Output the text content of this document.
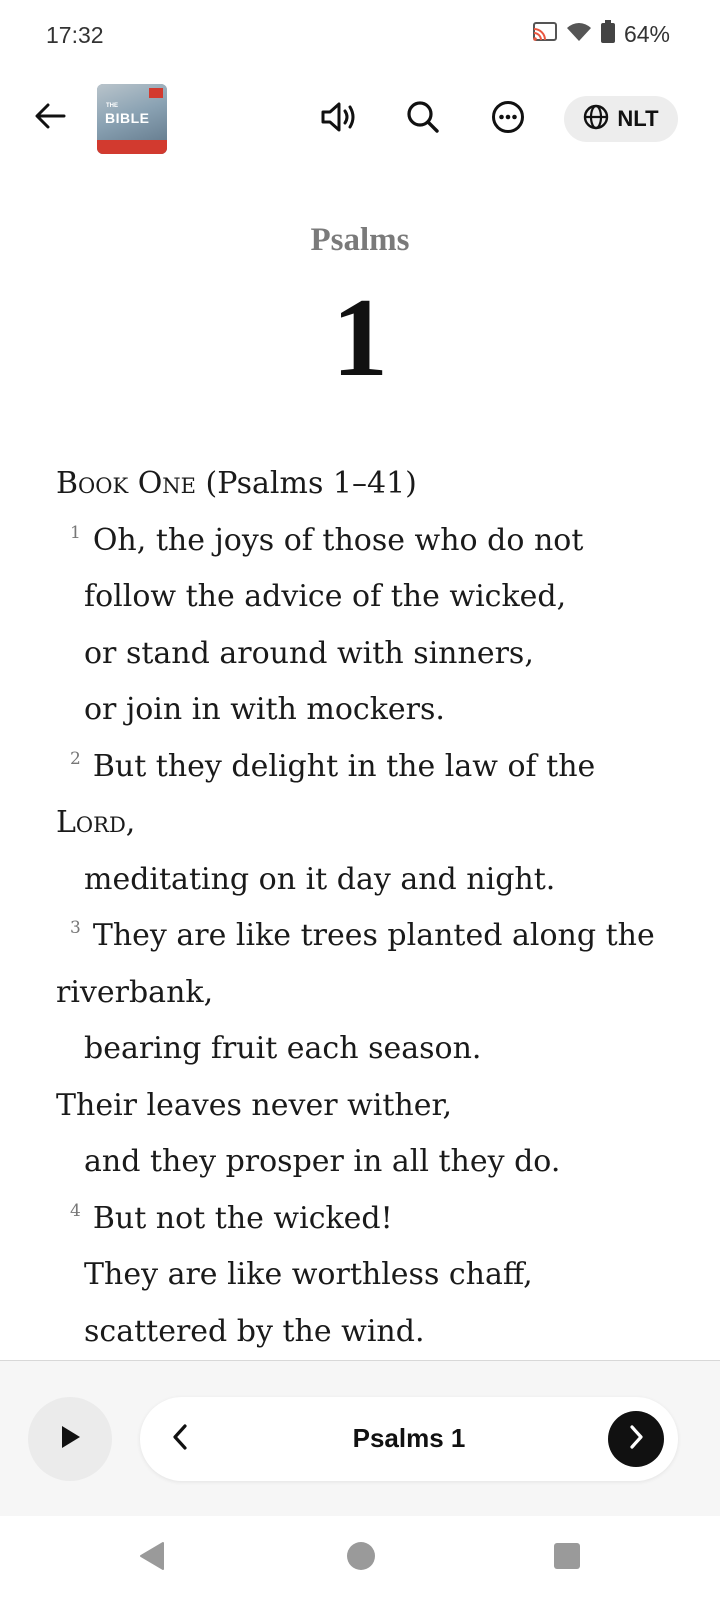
17:32	64%
THE
BIBLE	NLT
Psalms
1
Book One (Psalms 1–41)
$^1$ Oh, the joys of those who do not
follow the advice of the wicked,
or stand around with sinners,
or join in with mockers.
$^2$ But they delight in the law of the
Lord,
meditating on it day and night.
$^3$ They are like trees planted along the
riverbank,
bearing fruit each season.
Their leaves never wither,
and they prosper in all they do.
$^4$ But not the wicked!
They are like worthless chaff,
scattered by the wind.
Psalms 1
